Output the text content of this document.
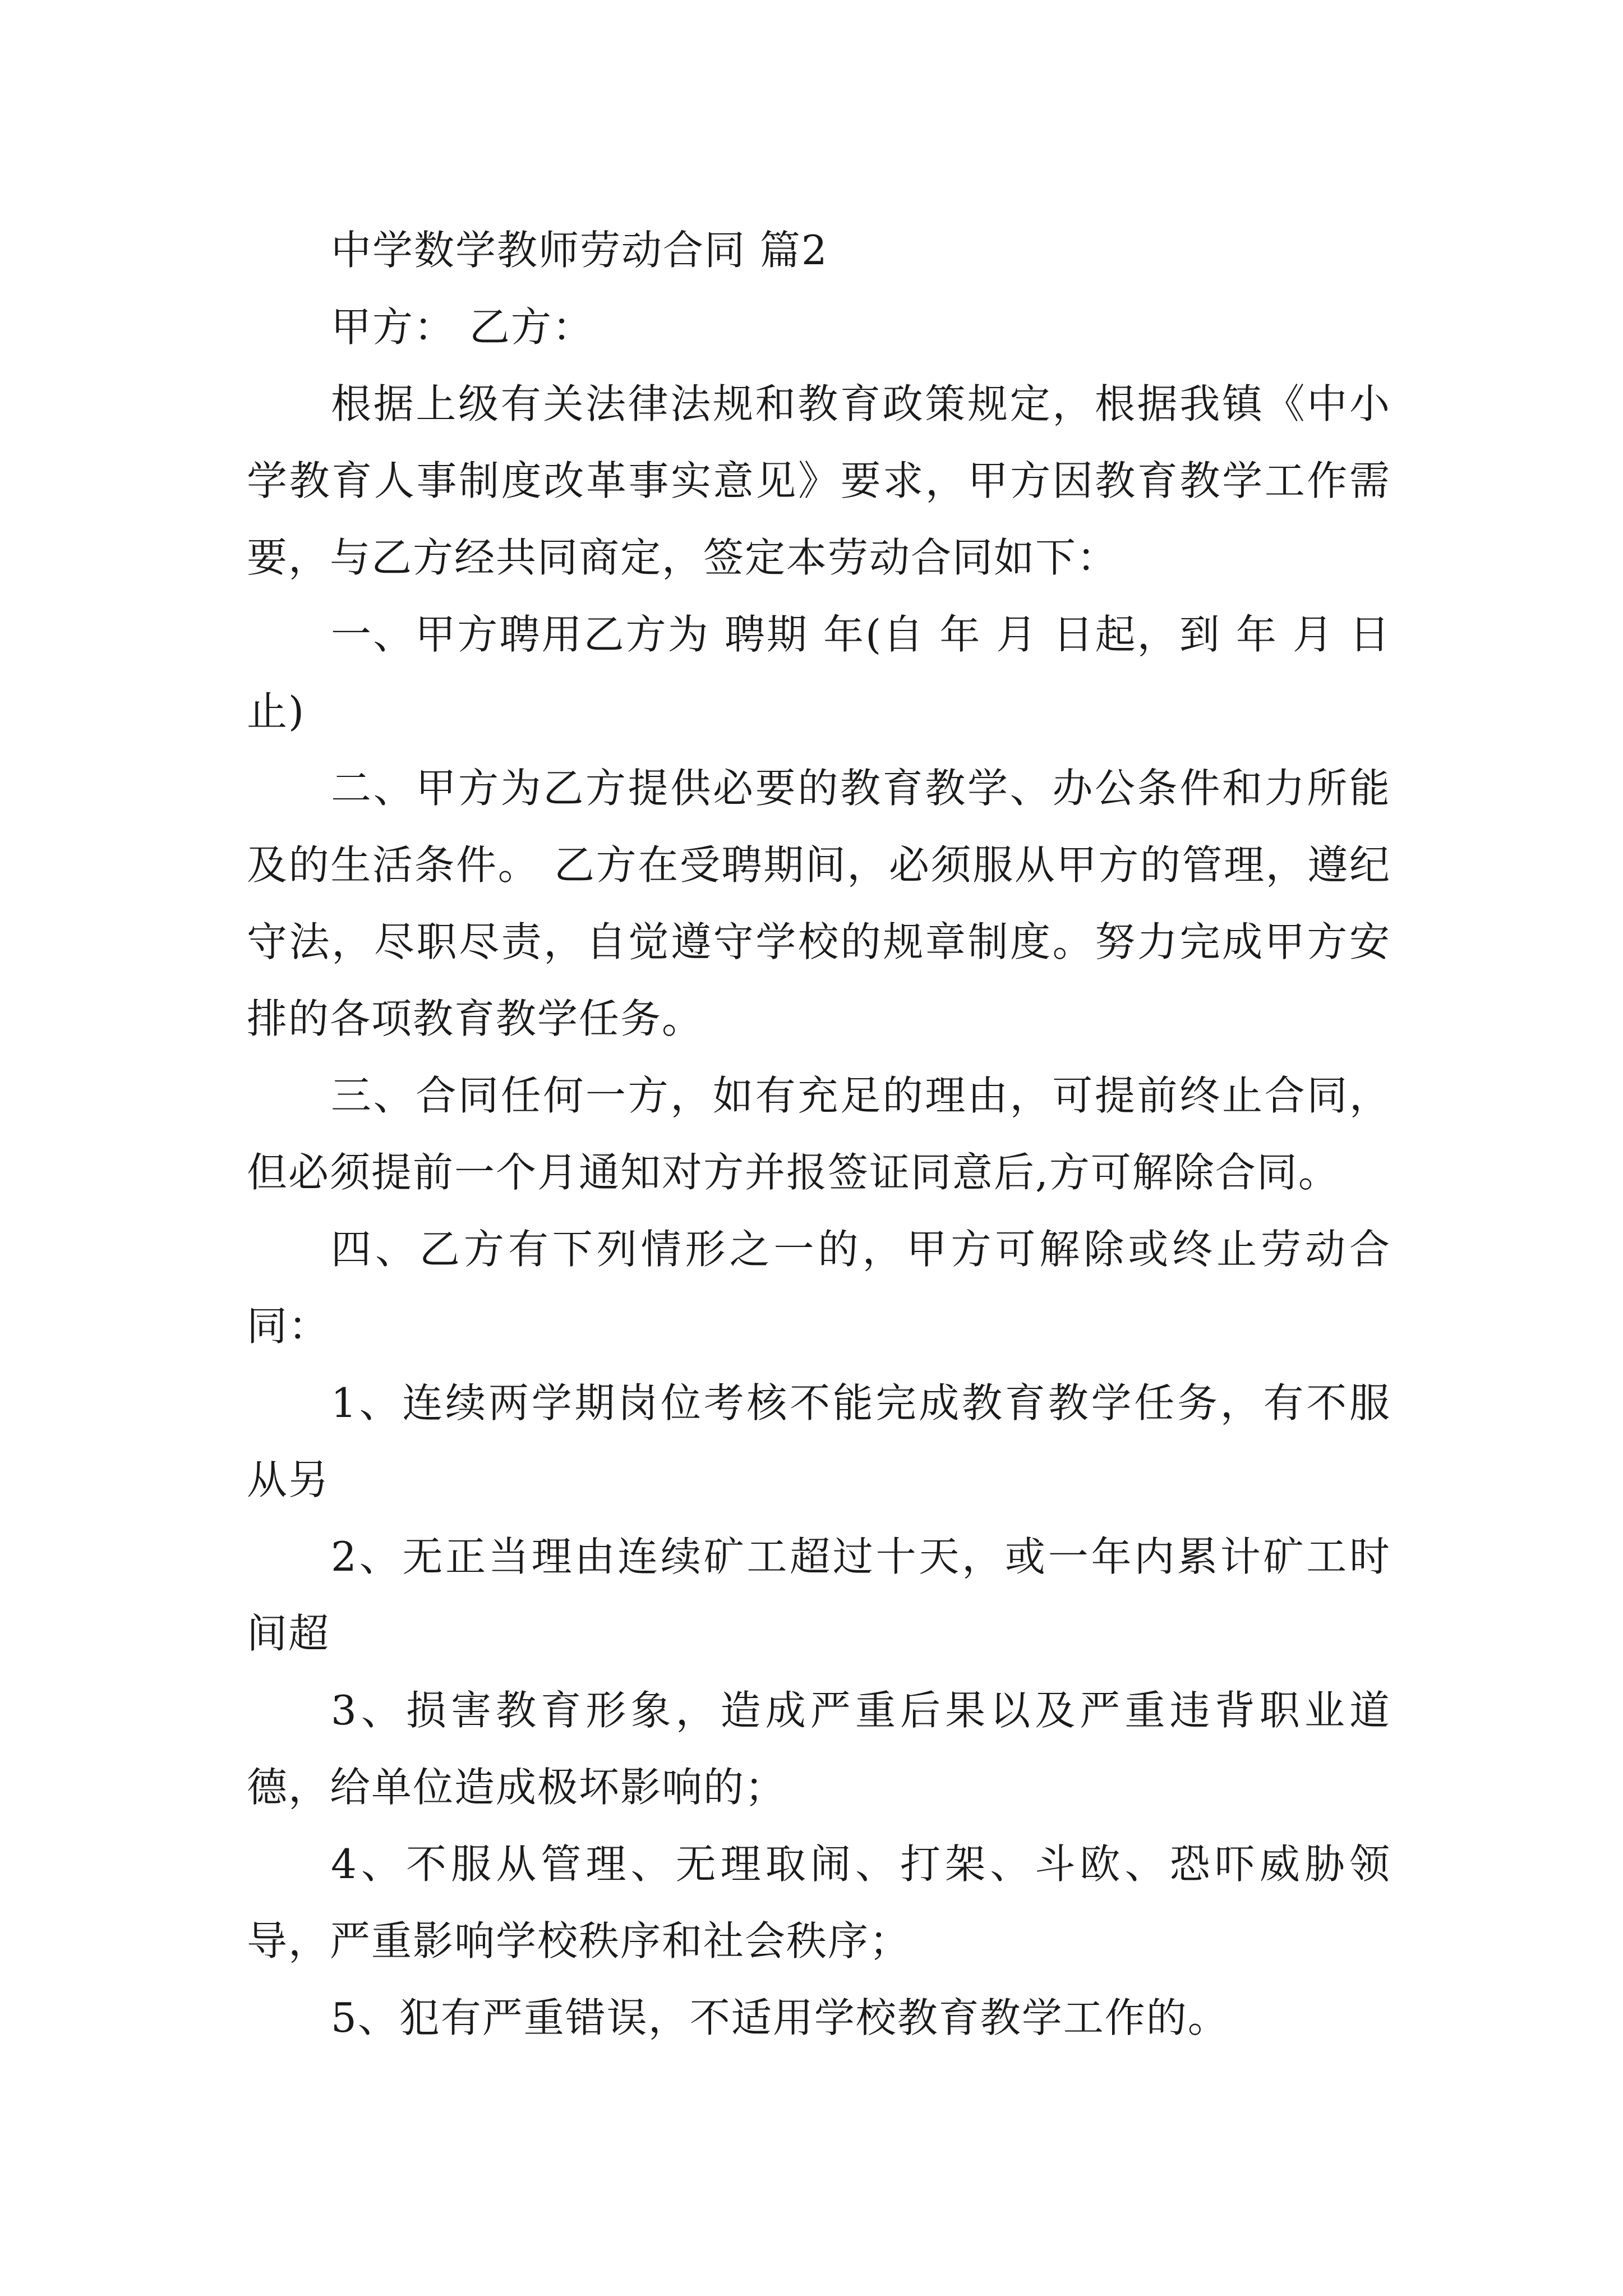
中学数学教师劳动合同 篇2

甲方： 乙方：

根据上级有关法律法规和教育政策规定，根据我镇《中小学教育人事制度改革事实意见》要求，甲方因教育教学工作需要，与乙方经共同商定，签定本劳动合同如下：

一、甲方聘用乙方为 聘期 年(自 年 月 日起，到 年 月 日止)

二、甲方为乙方提供必要的教育教学、办公条件和力所能及的生活条件。 乙方在受聘期间，必须服从甲方的管理，遵纪守法，尽职尽责，自觉遵守学校的规章制度。努力完成甲方安排的各项教育教学任务。

三、合同任何一方，如有充足的理由，可提前终止合同，但必须提前一个月通知对方并报签证同意后,方可解除合同。

四、乙方有下列情形之一的，甲方可解除或终止劳动合同：

1、连续两学期岗位考核不能完成教育教学任务，有不服从另

2、无正当理由连续矿工超过十天，或一年内累计矿工时间超

3、损害教育形象，造成严重后果以及严重违背职业道德，给单位造成极坏影响的；

4、不服从管理、无理取闹、打架、斗欧、恐吓威胁领导，严重影响学校秩序和社会秩序；

5、犯有严重错误，不适用学校教育教学工作的。
